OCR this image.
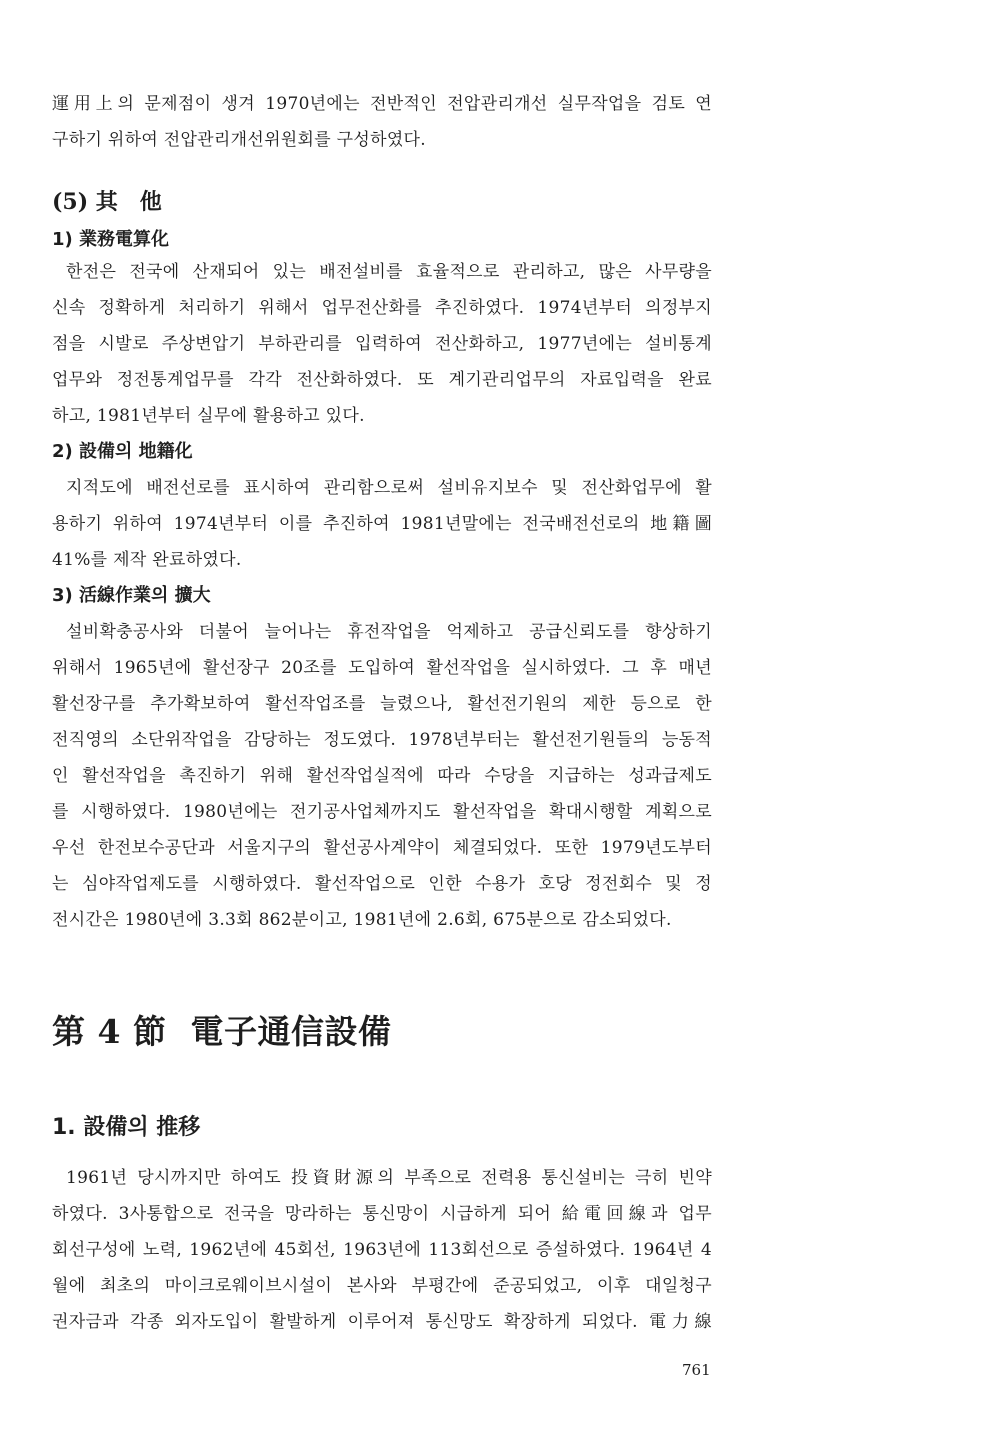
運用上의 문제점이 생겨 1970년에는 전반적인 전압관리개선 실무작업을 검토 연
구하기 위하여 전압관리개선위원회를 구성하였다.
(5) 其　他
1) 業務電算化
한전은 전국에 산재되어 있는 배전설비를 효율적으로 관리하고, 많은 사무량을
신속 정확하게 처리하기 위해서 업무전산화를 추진하였다. 1974년부터 의정부지
점을 시발로 주상변압기 부하관리를 입력하여 전산화하고, 1977년에는 설비통계
업무와 정전통계업무를 각각 전산화하였다. 또 계기관리업무의 자료입력을 완료
하고, 1981년부터 실무에 활용하고 있다.
2) 設備의 地籍化
지적도에 배전선로를 표시하여 관리함으로써 설비유지보수 및 전산화업무에 활
용하기 위하여 1974년부터 이를 추진하여 1981년말에는 전국배전선로의 地籍圖
41%를 제작 완료하였다.
3) 活線作業의 擴大
설비확충공사와 더불어 늘어나는 휴전작업을 억제하고 공급신뢰도를 향상하기
위해서 1965년에 활선장구 20조를 도입하여 활선작업을 실시하였다. 그 후 매년
활선장구를 추가확보하여 활선작업조를 늘렸으나, 활선전기원의 제한 등으로 한
전직영의 소단위작업을 감당하는 정도였다. 1978년부터는 활선전기원들의 능동적
인 활선작업을 촉진하기 위해 활선작업실적에 따라 수당을 지급하는 성과급제도
를 시행하였다. 1980년에는 전기공사업체까지도 활선작업을 확대시행할 계획으로
우선 한전보수공단과 서울지구의 활선공사계약이 체결되었다. 또한 1979년도부터
는 심야작업제도를 시행하였다. 활선작업으로 인한 수용가 호당 정전회수 및 정
전시간은 1980년에 3.3회 862분이고, 1981년에 2.6회, 675분으로 감소되었다.
第 4 節 電子通信設備
1. 設備의 推移
1961년 당시까지만 하여도 投資財源의 부족으로 전력용 통신설비는 극히 빈약
하였다. 3사통합으로 전국을 망라하는 통신망이 시급하게 되어 給電回線과 업무
회선구성에 노력, 1962년에 45회선, 1963년에 113회선으로 증설하였다. 1964년 4
월에 최초의 마이크로웨이브시설이 본사와 부평간에 준공되었고, 이후 대일청구
권자금과 각종 외자도입이 활발하게 이루어져 통신망도 확장하게 되었다. 電力線
761
